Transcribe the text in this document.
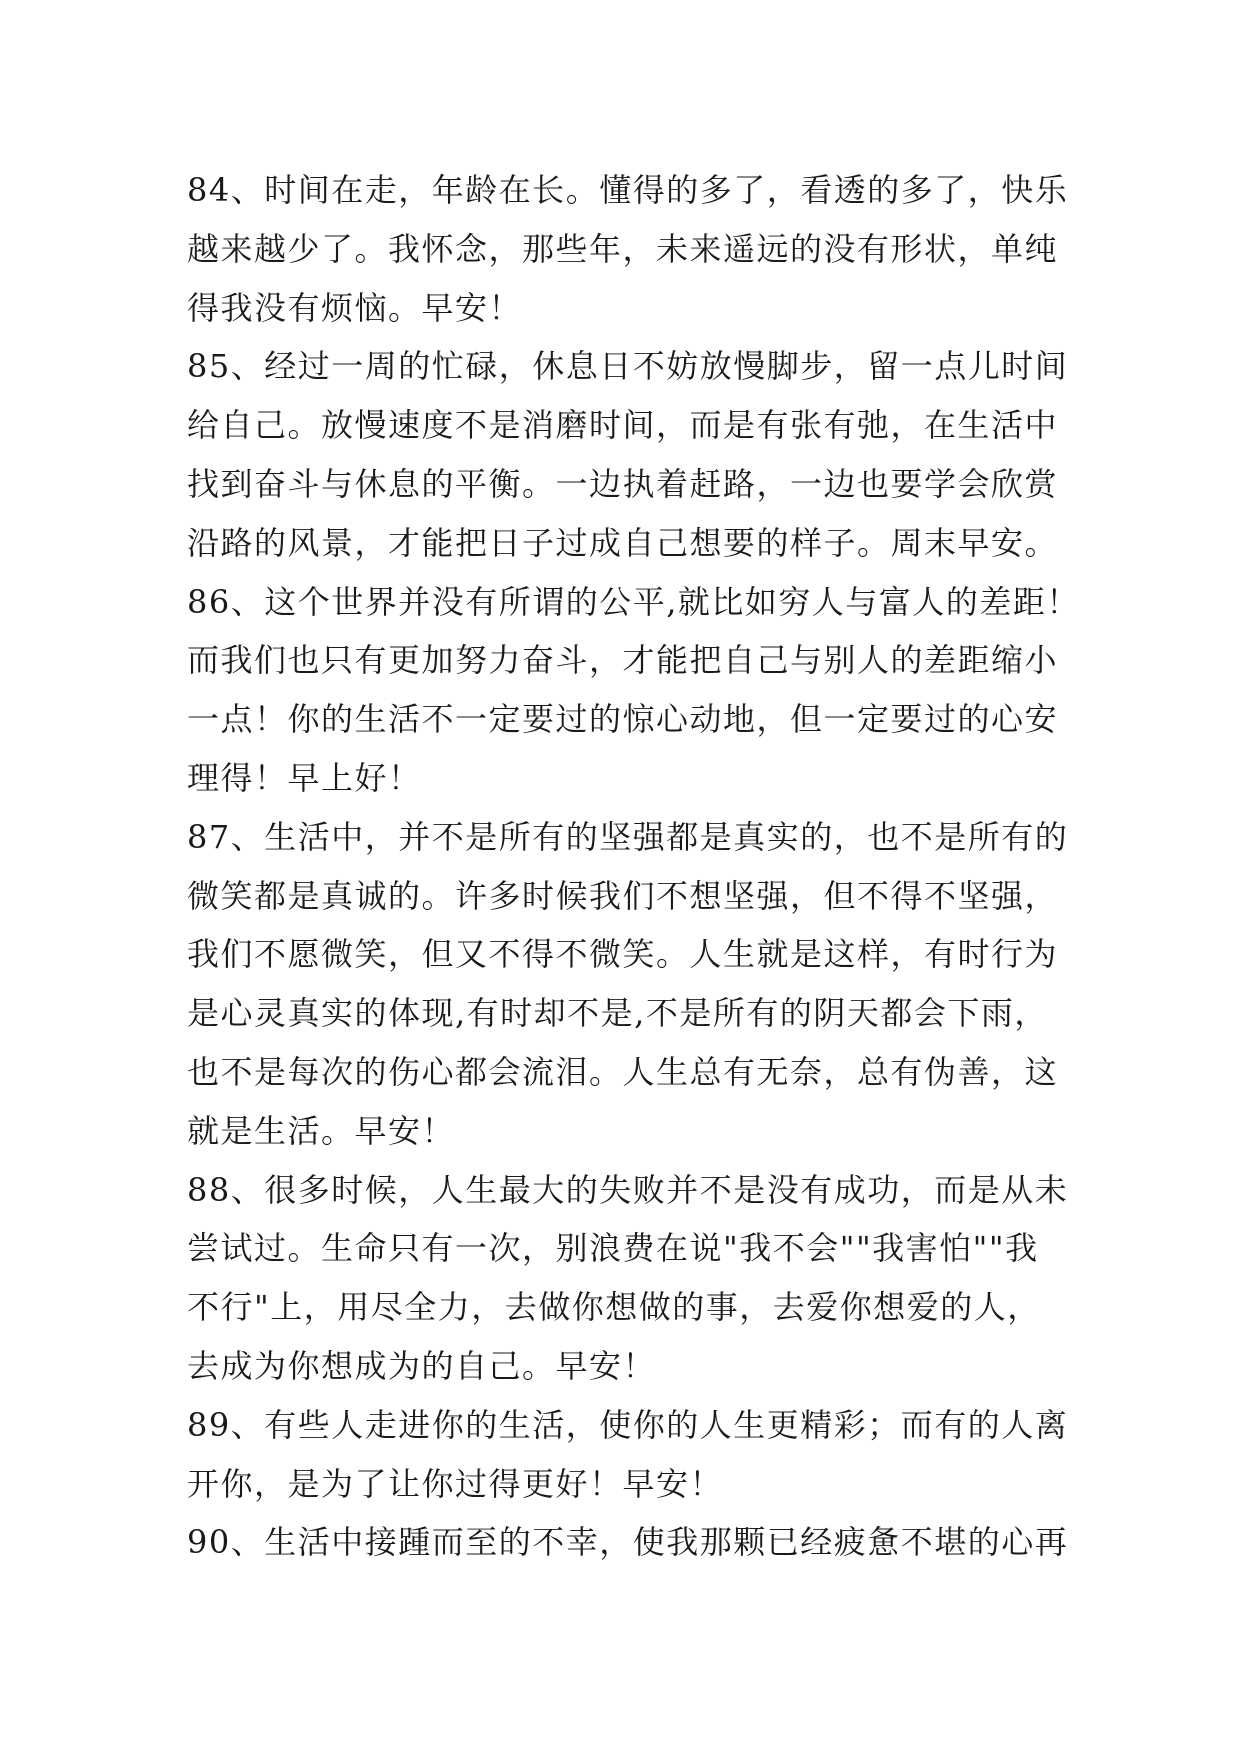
84、时间在走，年龄在长。懂得的多了，看透的多了，快乐
越来越少了。我怀念，那些年，未来遥远的没有形状，单纯
得我没有烦恼。早安！
85、经过一周的忙碌，休息日不妨放慢脚步，留一点儿时间
给自己。放慢速度不是消磨时间，而是有张有弛，在生活中
找到奋斗与休息的平衡。一边执着赶路，一边也要学会欣赏
沿路的风景，才能把日子过成自己想要的样子。周末早安。
86、这个世界并没有所谓的公平,就比如穷人与富人的差距！
而我们也只有更加努力奋斗，才能把自己与别人的差距缩小
一点！你的生活不一定要过的惊心动地，但一定要过的心安
理得！早上好！
87、生活中，并不是所有的坚强都是真实的，也不是所有的
微笑都是真诚的。许多时候我们不想坚强，但不得不坚强，
我们不愿微笑，但又不得不微笑。人生就是这样，有时行为
是心灵真实的体现,有时却不是,不是所有的阴天都会下雨，
也不是每次的伤心都会流泪。人生总有无奈，总有伪善，这
就是生活。早安！
88、很多时候，人生最大的失败并不是没有成功，而是从未
尝试过。生命只有一次，别浪费在说"我不会""我害怕""我
不行"上，用尽全力，去做你想做的事，去爱你想爱的人，
去成为你想成为的自己。早安！
89、有些人走进你的生活，使你的人生更精彩；而有的人离
开你，是为了让你过得更好！早安！
90、生活中接踵而至的不幸，使我那颗已经疲惫不堪的心再
